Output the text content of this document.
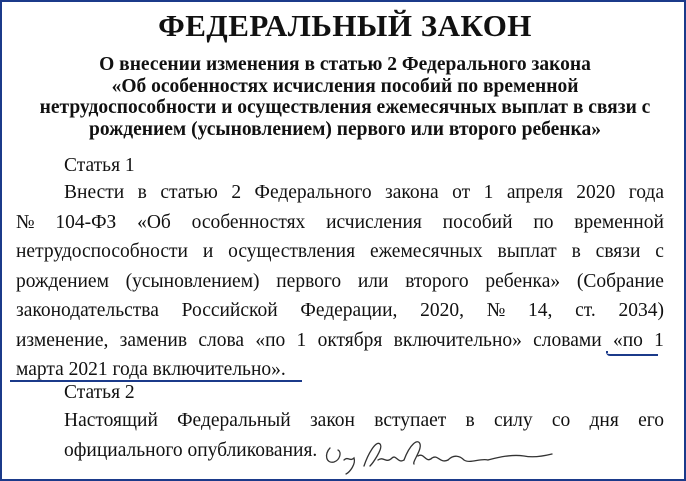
ФЕДЕРАЛЬНЫЙ ЗАКОН
О внесении изменения в статью 2 Федерального закона
«Об особенностях исчисления пособий по временной
нетрудоспособности и осуществления ежемесячных выплат в связи с
рождением (усыновлением) первого или второго ребенка»
Статья 1
Внести в статью 2 Федерального закона от 1 апреля 2020 года
№ 104-ФЗ «Об особенностях исчисления пособий по временной
нетрудоспособности и осуществления ежемесячных выплат в связи с
рождением (усыновлением) первого или второго ребенка» (Собрание
законодательства Российской Федерации, 2020, № 14, ст. 2034)
изменение, заменив слова «по 1 октября включительно» словами «по 1
марта 2021 года включительно».
Статья 2
Настоящий Федеральный закон вступает в силу со дня его
официального опубликования.
